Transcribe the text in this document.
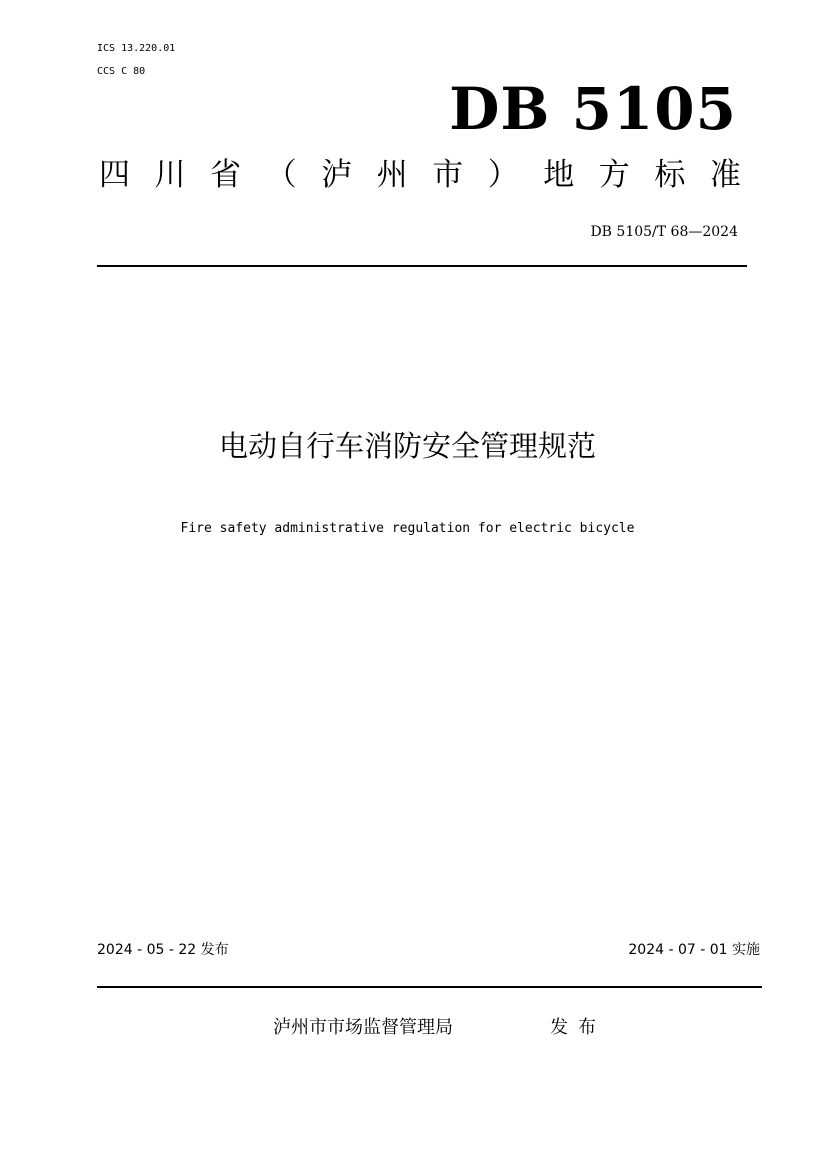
ICS 13.220.01
CCS C 80
DB 5105
四 川 省 （ 泸 州 市 ） 地 方 标 准
DB 5105/T 68—2024
电动自行车消防安全管理规范
Fire safety administrative regulation for electric bicycle
2024 - 05 - 22 发布	2024 - 07 - 01 实施
泸州市市场监督管理局	发布
